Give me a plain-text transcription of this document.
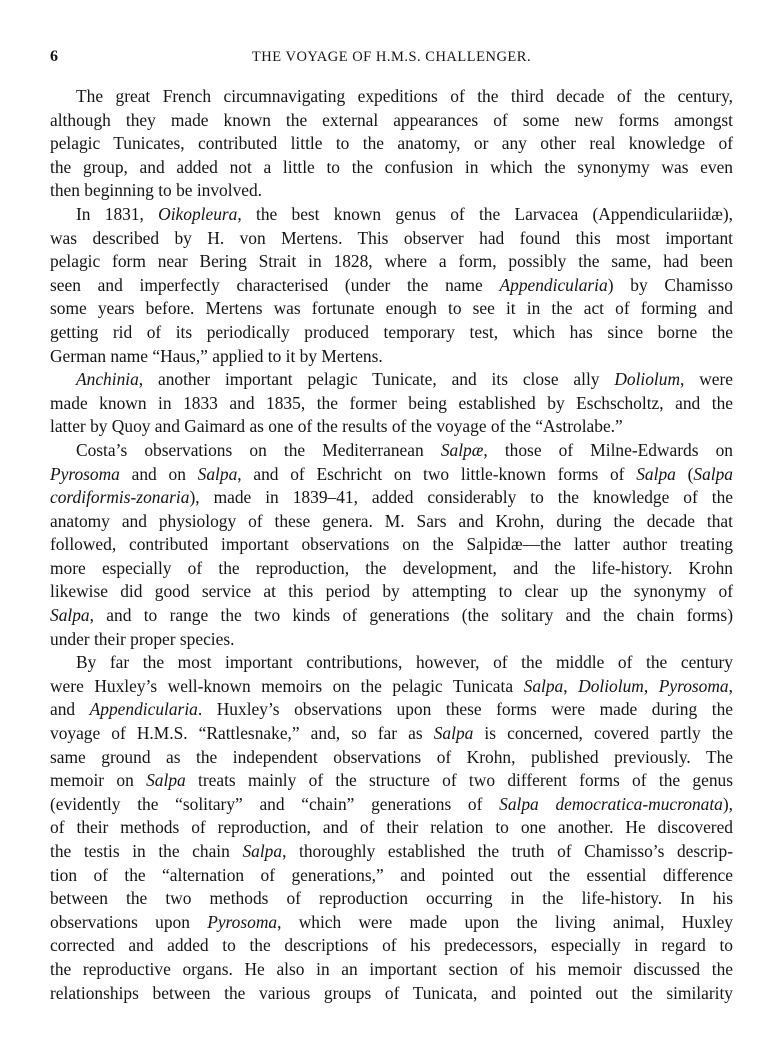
6	THE VOYAGE OF H.M.S. CHALLENGER.
The great French circumnavigating expeditions of the third decade of the century,
although they made known the external appearances of some new forms amongst
pelagic Tunicates, contributed little to the anatomy, or any other real knowledge of
the group, and added not a little to the confusion in which the synonymy was even
then beginning to be involved.
In 1831, Oikopleura, the best known genus of the Larvacea (Appendiculariidæ),
was described by H. von Mertens. This observer had found this most important
pelagic form near Bering Strait in 1828, where a form, possibly the same, had been
seen and imperfectly characterised (under the name Appendicularia) by Chamisso
some years before. Mertens was fortunate enough to see it in the act of forming and
getting rid of its periodically produced temporary test, which has since borne the
German name “Haus,” applied to it by Mertens.
Anchinia, another important pelagic Tunicate, and its close ally Doliolum, were
made known in 1833 and 1835, the former being established by Eschscholtz, and the
latter by Quoy and Gaimard as one of the results of the voyage of the “Astrolabe.”
Costa’s observations on the Mediterranean Salpæ, those of Milne-Edwards on
Pyrosoma and on Salpa, and of Eschricht on two little-known forms of Salpa (Salpa
cordiformis-zonaria), made in 1839–41, added considerably to the knowledge of the
anatomy and physiology of these genera. M. Sars and Krohn, during the decade that
followed, contributed important observations on the Salpidæ—the latter author treating
more especially of the reproduction, the development, and the life-history. Krohn
likewise did good service at this period by attempting to clear up the synonymy of
Salpa, and to range the two kinds of generations (the solitary and the chain forms)
under their proper species.
By far the most important contributions, however, of the middle of the century
were Huxley’s well-known memoirs on the pelagic Tunicata Salpa, Doliolum, Pyrosoma,
and Appendicularia. Huxley’s observations upon these forms were made during the
voyage of H.M.S. “Rattlesnake,” and, so far as Salpa is concerned, covered partly the
same ground as the independent observations of Krohn, published previously. The
memoir on Salpa treats mainly of the structure of two different forms of the genus
(evidently the “solitary” and “chain” generations of Salpa democratica-mucronata),
of their methods of reproduction, and of their relation to one another. He discovered
the testis in the chain Salpa, thoroughly established the truth of Chamisso’s descrip-
tion of the “alternation of generations,” and pointed out the essential difference
between the two methods of reproduction occurring in the life-history. In his
observations upon Pyrosoma, which were made upon the living animal, Huxley
corrected and added to the descriptions of his predecessors, especially in regard to
the reproductive organs. He also in an important section of his memoir discussed the
relationships between the various groups of Tunicata, and pointed out the similarity
